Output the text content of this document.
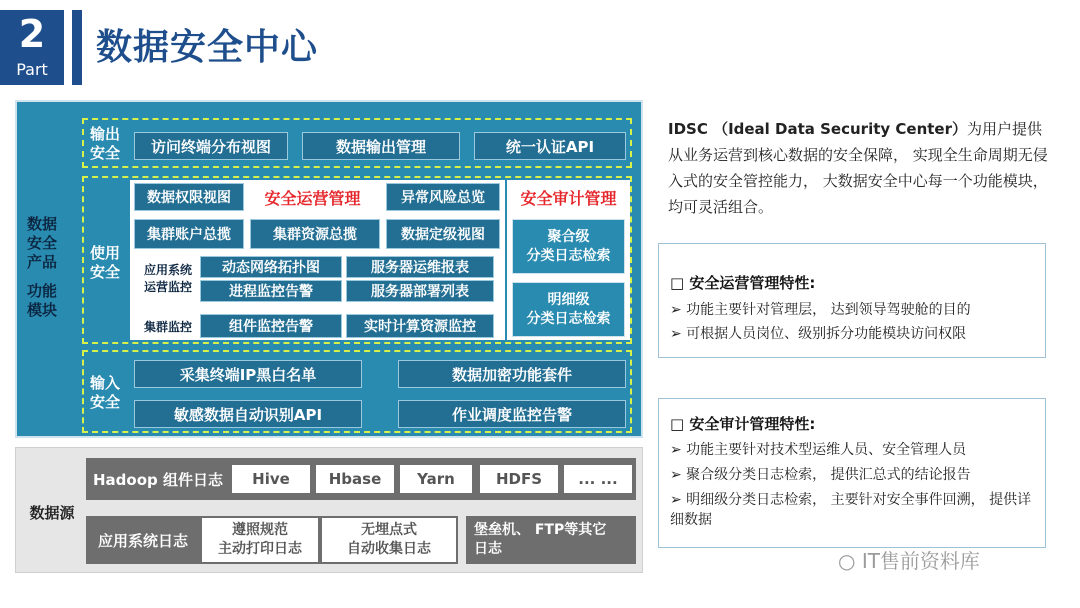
2
Part
数据安全中心
数据
安全
产品
功能
模块
输出
安全	访问终端分布视图	数据输出管理	统一认证API
使用
安全
数据权限视图	安全运营管理	异常风险总览
集群账户总揽	集群资源总揽	数据定级视图
应用系统
运营监控
动态网络拓扑图	服务器运维报表
进程监控告警	服务器部署列表
集群监控	组件监控告警	实时计算资源监控
安全审计管理
聚合级
分类日志检索
明细级
分类日志检索
输入
安全
采集终端IP黑白名单	数据加密功能套件
敏感数据自动识别API	作业调度监控告警
数据源
Hadoop 组件日志	Hive	Hbase	Yarn	HDFS	... ...
应用系统日志
遵照规范
主动打印日志
无埋点式
自动收集日志
堡垒机、 FTP等其它
日志
IDSC （Ideal Data Security Center）为用户提供从业务运营到核心数据的安全保障， 实现全生命周期无侵入式的安全管控能力， 大数据安全中心每一个功能模块， 均可灵活组合。
□ 安全运营管理特性:
➢ 功能主要针对管理层， 达到领导驾驶舱的目的
➢ 可根据人员岗位、级别拆分功能模块访问权限
□ 安全审计管理特性:
➢ 功能主要针对技术型运维人员、安全管理人员
➢ 聚合级分类日志检索， 提供汇总式的结论报告
➢ 明细级分类日志检索， 主要针对安全事件回溯， 提供详细数据
○ IT售前资料库
